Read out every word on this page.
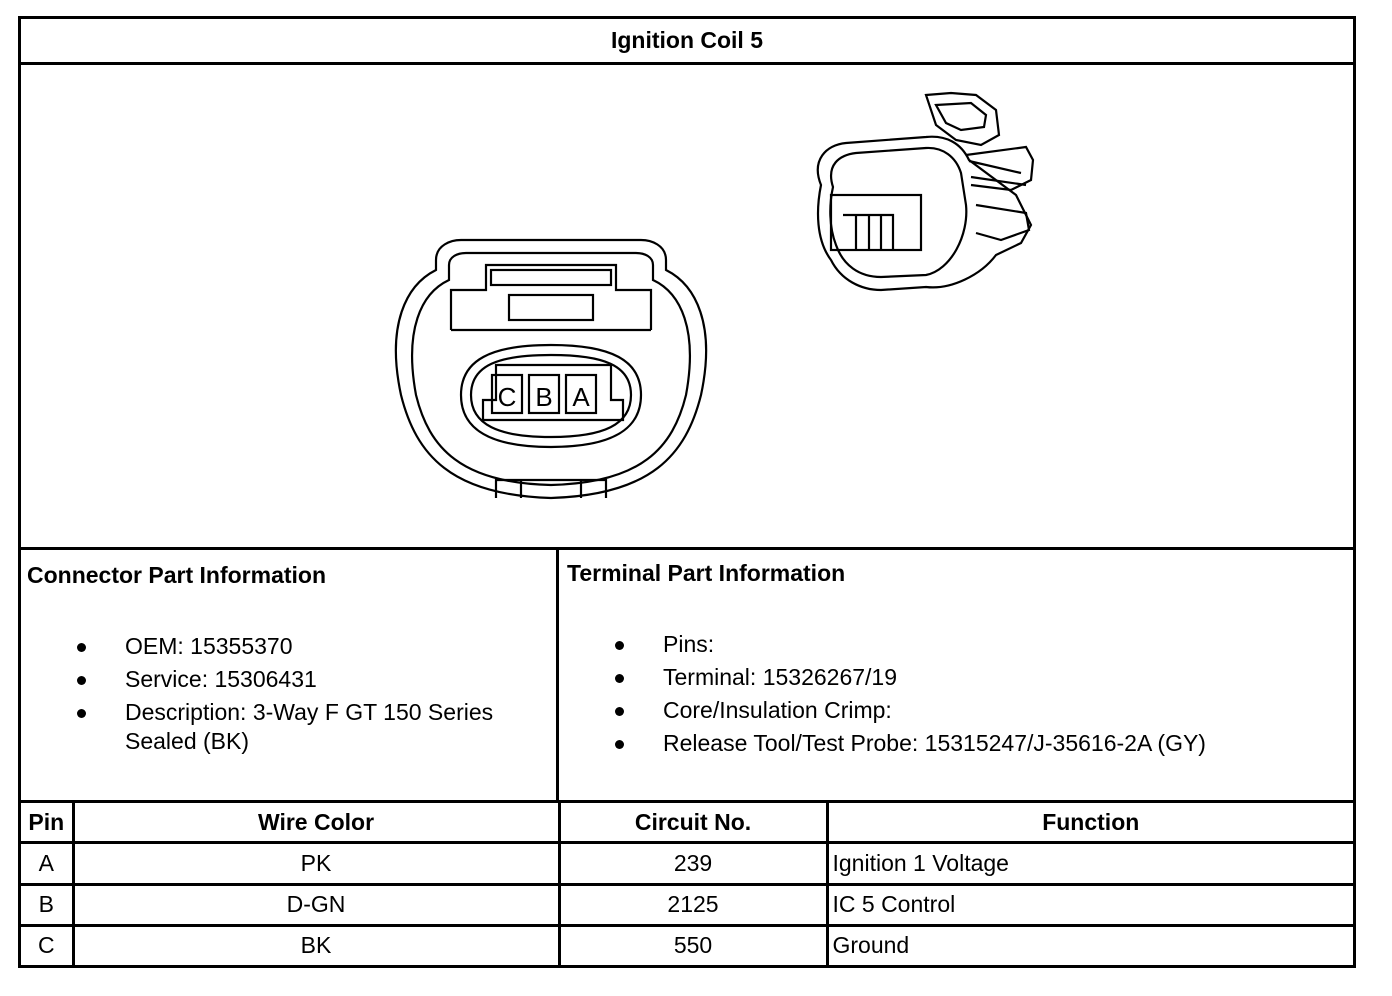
Ignition Coil 5
C B A
Connector Part Information
OEM: 15355370
Service: 15306431
Description: 3-Way F GT 150 Series Sealed (BK)
Terminal Part Information
Pins:
Terminal: 15326267/19
Core/Insulation Crimp:
Release Tool/Test Probe: 15315247/J-35616-2A (GY)
Pin	Wire Color	Circuit No.	Function
A	PK	239	Ignition 1 Voltage
B	D-GN	2125	IC 5 Control
C	BK	550	Ground
